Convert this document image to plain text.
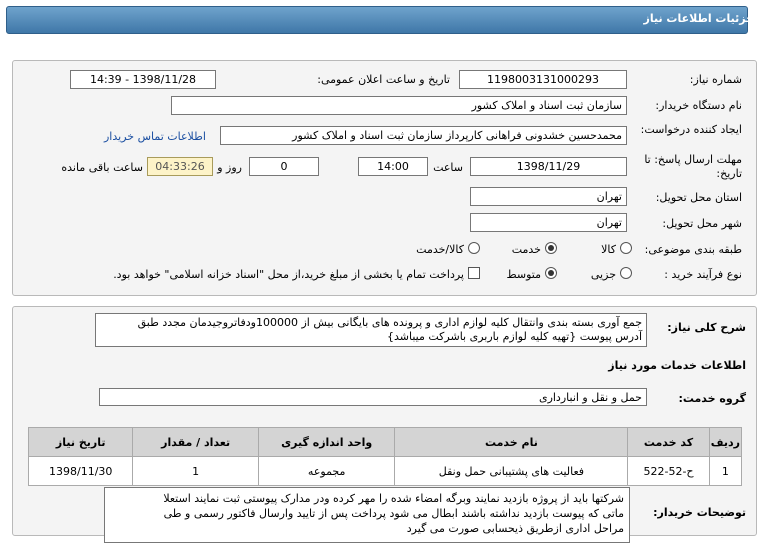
جزئیات اطلاعات نیاز
شماره نیاز:
1198003131000293
تاریخ و ساعت اعلان عمومی:
1398/11/28 - 14:39
نام دستگاه خریدار:
سازمان ثبت اسناد و املاک کشور
ایجاد کننده درخواست:
محمدحسین خشدونی فراهانی کارپرداز سازمان ثبت اسناد و املاک کشور
اطلاعات تماس خریدار
مهلت ارسال پاسخ: تا تاریخ:
1398/11/29
ساعت
14:00
0
روز و
04:33:26
ساعت باقی مانده
استان محل تحویل:
تهران
شهر محل تحویل:
تهران
طبقه بندی موضوعی:
کالا
خدمت
کالا/خدمت
نوع فرآیند خرید :
جزیی
متوسط
پرداخت تمام یا بخشی از مبلغ خرید،از محل "اسناد خزانه اسلامی" خواهد بود.
شرح کلی نیاز:
جمع آوری بسته بندی وانتقال کلیه لوازم اداری و پرونده های بایگانی بیش از 100000ودفاتروجیدمان مجدد طبق
آدرس پیوست {تهیه کلیه لوازم باربری باشرکت میباشد}
اطلاعات خدمات مورد نیاز
گروه خدمت:
حمل و نقل و انبارداری
ردیف	کد خدمت	نام خدمت	واحد اندازه گیری	تعداد / مقدار	تاریخ نیاز
1	ح-52-522	فعالیت های پشتیبانی حمل ونقل	مجموعه	1	1398/11/30
توضیحات خریدار:
شرکتها باید از پروژه بازدید نمایند وبرگه امضاء شده را مهر کرده ودر مدارک پیوستی ثبت نمایند استعلا
ماتی که پیوست بازدید نداشته باشند ابطال می شود پرداخت پس از تایید وارسال فاکتور رسمی و طی
مراحل اداری ازطریق ذیحسابی صورت می گیرد
